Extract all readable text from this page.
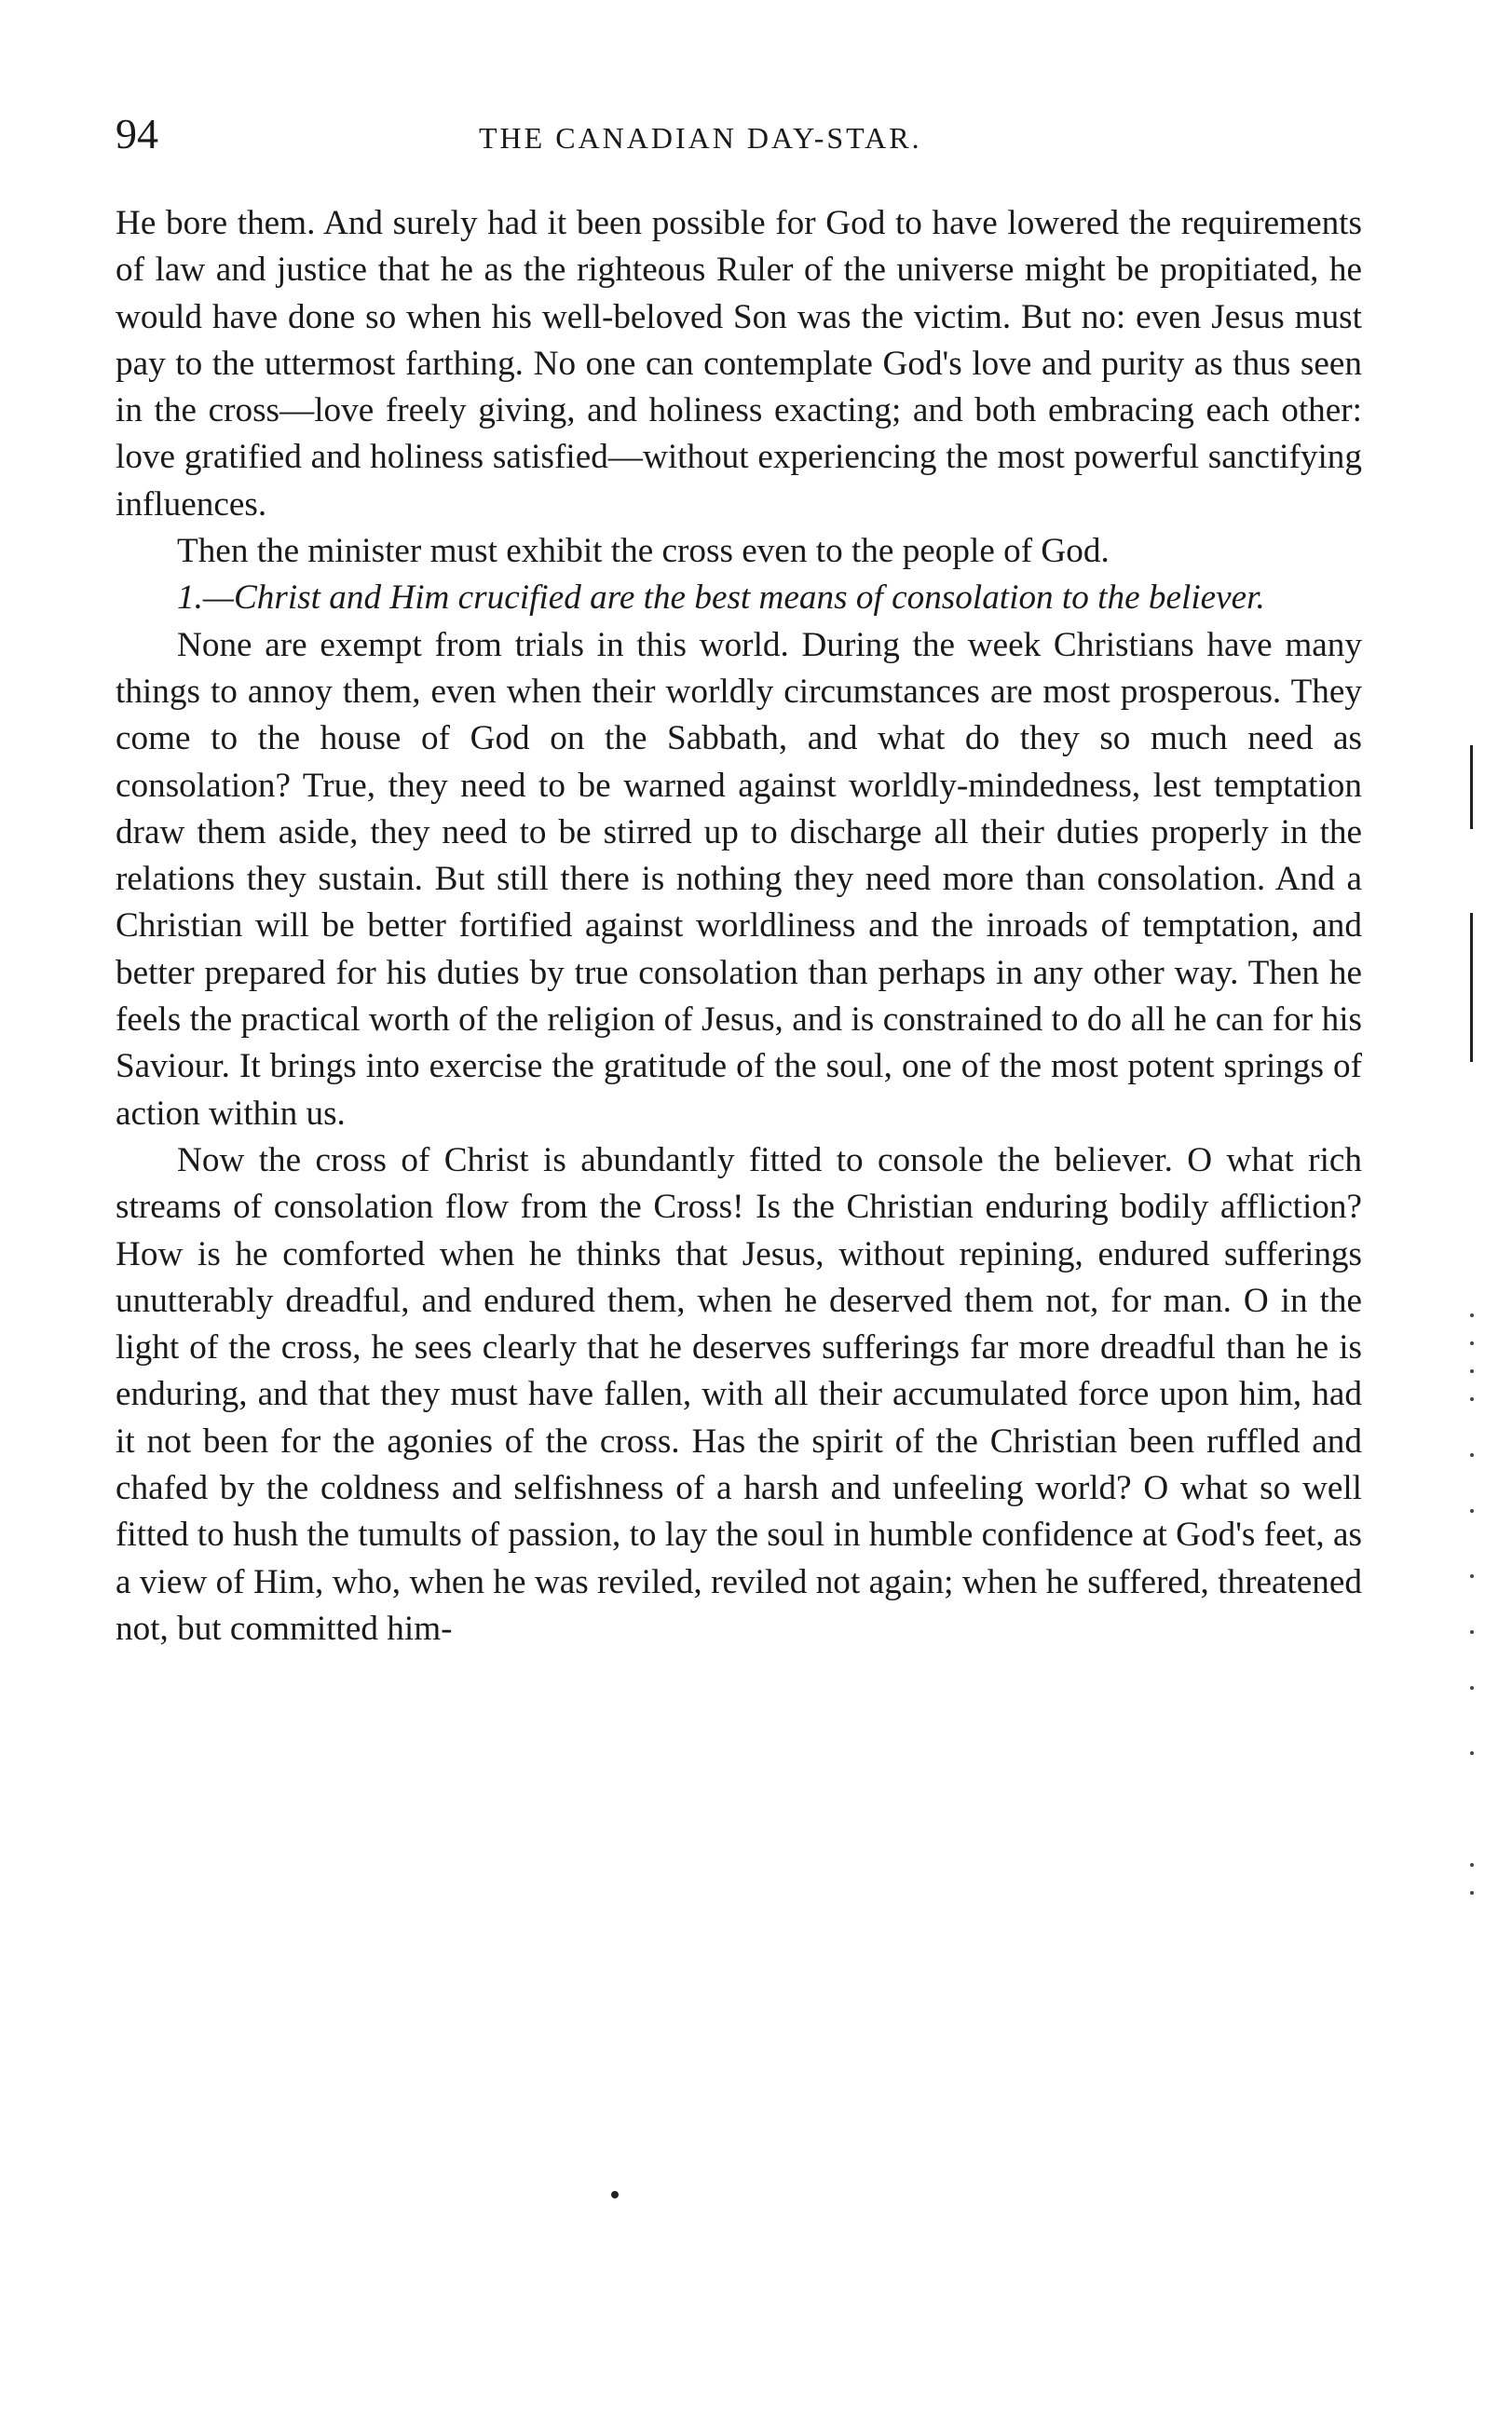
94	THE CANADIAN DAY-STAR.

He bore them. And surely had it been possible for God to have lowered the requirements of law and justice that he as the righteous Ruler of the universe might be propitiated, he would have done so when his well-beloved Son was the victim. But no: even Jesus must pay to the uttermost farthing. No one can contemplate God's love and purity as thus seen in the cross—love freely giving, and holiness exacting; and both embracing each other: love gratified and holiness satisfied—without experiencing the most powerful sanctifying influences.

Then the minister must exhibit the cross even to the people of God.

1.—Christ and Him crucified are the best means of consolation to the believer.

None are exempt from trials in this world. During the week Christians have many things to annoy them, even when their worldly circumstances are most prosperous. They come to the house of God on the Sabbath, and what do they so much need as consolation? True, they need to be warned against worldly-mindedness, lest temptation draw them aside, they need to be stirred up to discharge all their duties properly in the relations they sustain. But still there is nothing they need more than consolation. And a Christian will be better fortified against worldliness and the inroads of temptation, and better prepared for his duties by true consolation than perhaps in any other way. Then he feels the practical worth of the religion of Jesus, and is constrained to do all he can for his Saviour. It brings into exercise the gratitude of the soul, one of the most potent springs of action within us.

Now the cross of Christ is abundantly fitted to console the believer. O what rich streams of consolation flow from the Cross! Is the Christian enduring bodily affliction? How is he comforted when he thinks that Jesus, without repining, endured sufferings unutterably dreadful, and endured them, when he deserved them not, for man. O in the light of the cross, he sees clearly that he deserves sufferings far more dreadful than he is enduring, and that they must have fallen, with all their accumulated force upon him, had it not been for the agonies of the cross. Has the spirit of the Christian been ruffled and chafed by the coldness and selfishness of a harsh and unfeeling world? O what so well fitted to hush the tumults of passion, to lay the soul in humble confidence at God's feet, as a view of Him, who, when he was reviled, reviled not again; when he suffered, threatened not, but committed him-
